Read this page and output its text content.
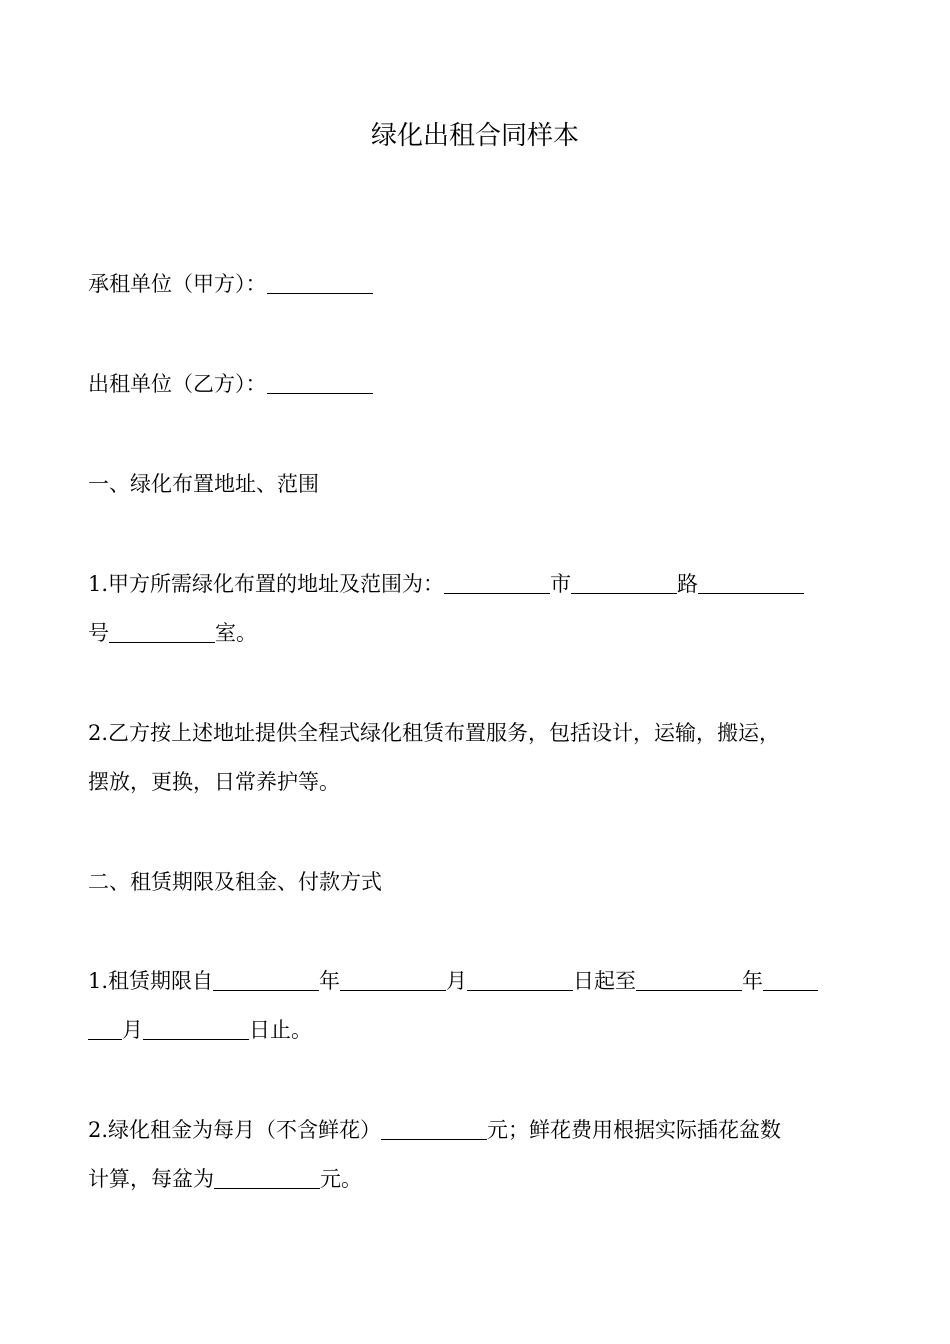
绿化出租合同样本
承租单位（甲方）：
出租单位（乙方）：
一、绿化布置地址、范围
1.甲方所需绿化布置的地址及范围为：	市	路
号	室。
2.乙方按上述地址提供全程式绿化租赁布置服务，包括设计，运输，搬运，
摆放，更换，日常养护等。
二、租赁期限及租金、付款方式
1.租赁期限自	年	月	日起至	年
月	日止。
2.绿化租金为每月（不含鲜花）	元；鲜花费用根据实际插花盆数
计算，每盆为	元。
